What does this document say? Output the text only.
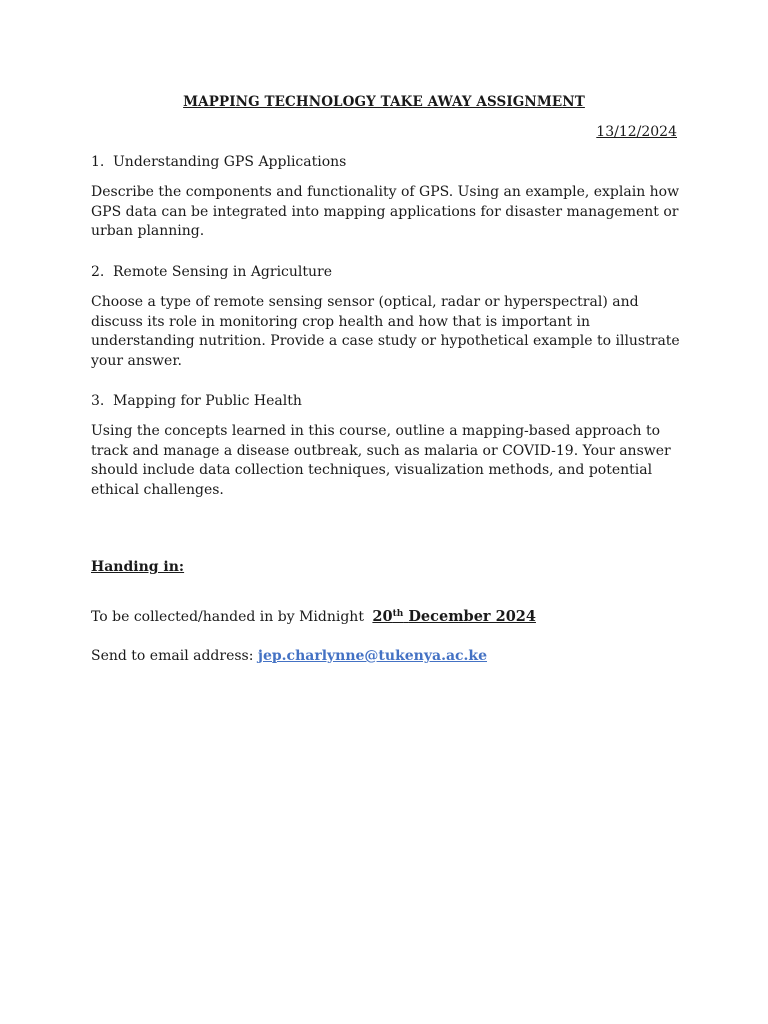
MAPPING TECHNOLOGY TAKE AWAY ASSIGNMENT
13/12/2024
1. Understanding GPS Applications
Describe the components and functionality of GPS. Using an example, explain how GPS data can be integrated into mapping applications for disaster management or urban planning.
2. Remote Sensing in Agriculture
Choose a type of remote sensing sensor (optical, radar or hyperspectral) and discuss its role in monitoring crop health and how that is important in understanding nutrition. Provide a case study or hypothetical example to illustrate your answer.
3. Mapping for Public Health
Using the concepts learned in this course, outline a mapping-based approach to track and manage a disease outbreak, such as malaria or COVID-19. Your answer should include data collection techniques, visualization methods, and potential ethical challenges.
Handing in:
To be collected/handed in by Midnight 20th December 2024
Send to email address: jep.charlynne@tukenya.ac.ke
